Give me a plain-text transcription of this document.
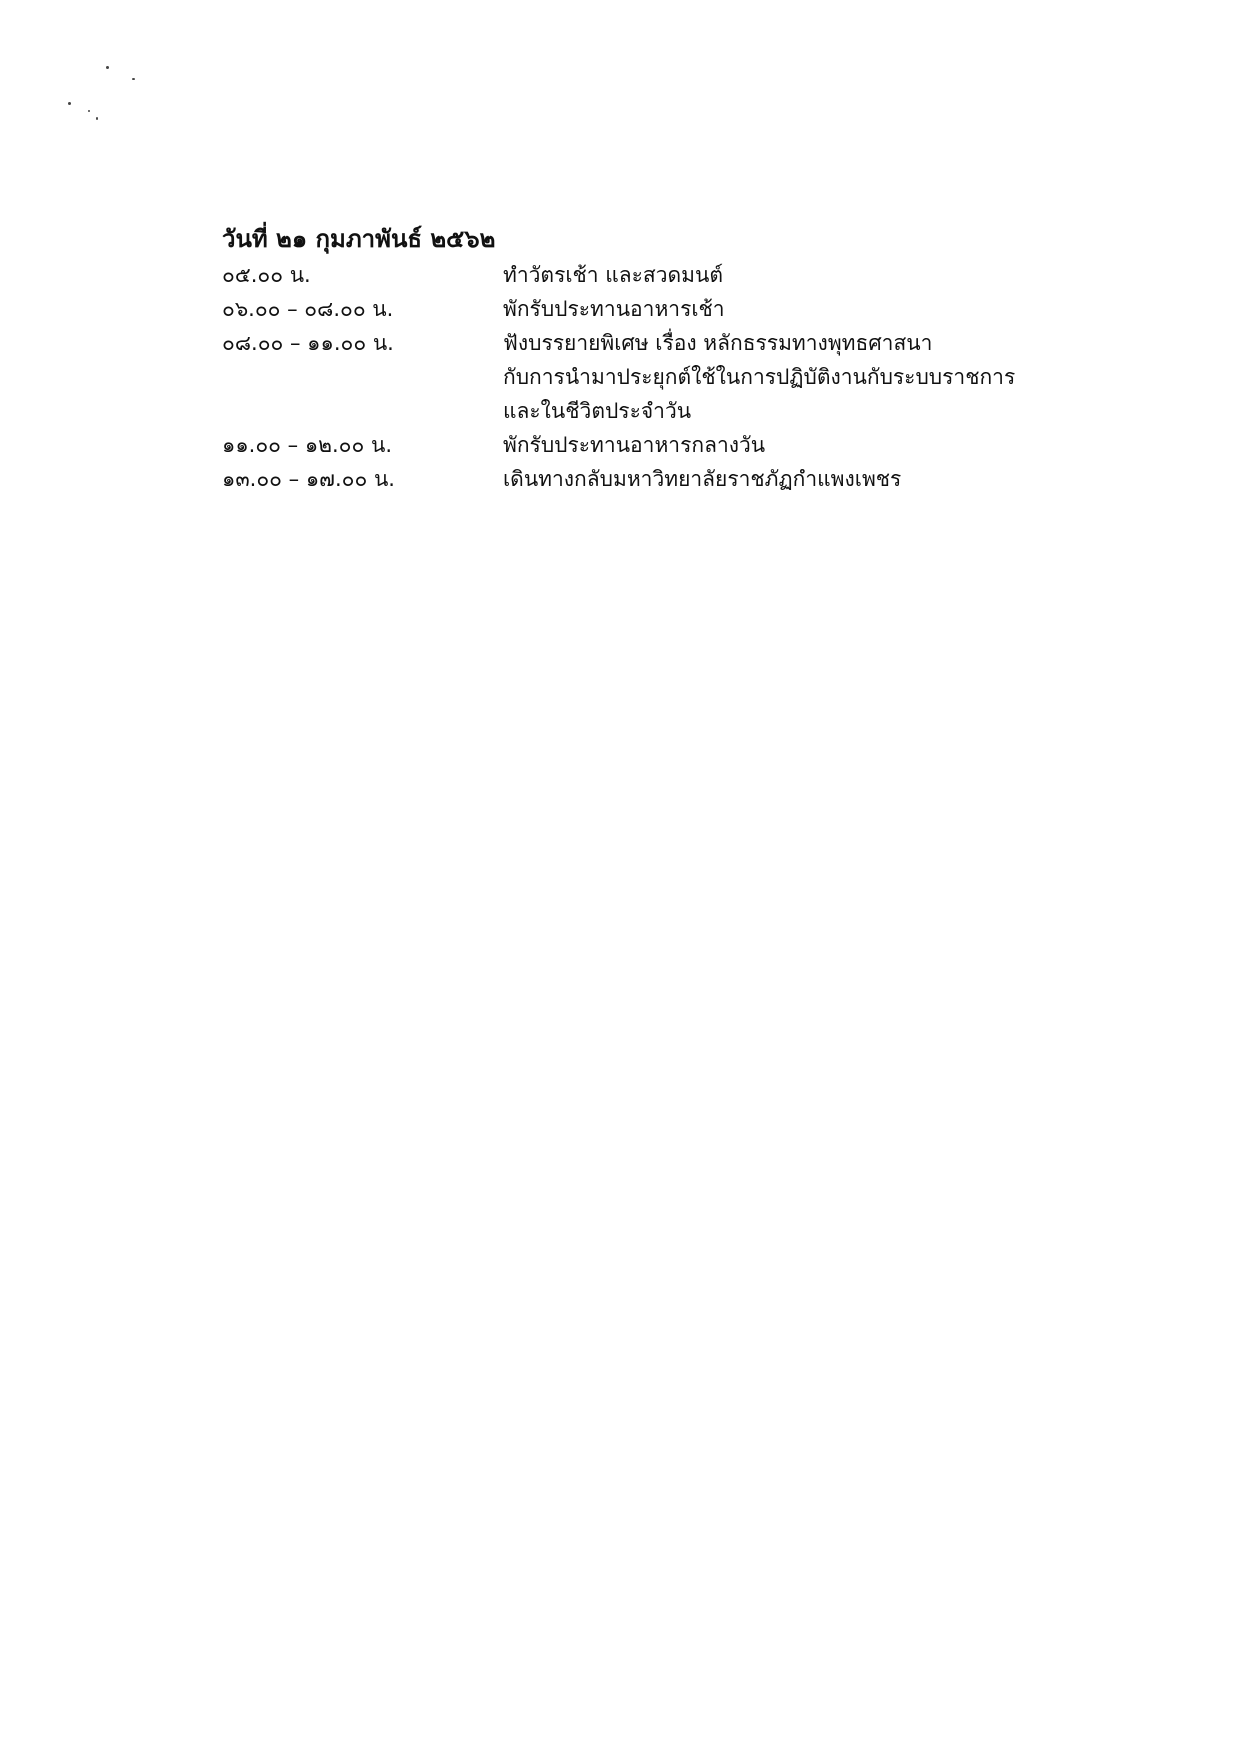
วันที่ ๒๑ กุมภาพันธ์ ๒๕๖๒
๐๕.๐๐ น.	ทำวัตรเช้า และสวดมนต์
๐๖.๐๐ – ๐๘.๐๐ น.	พักรับประทานอาหารเช้า
๐๘.๐๐ – ๑๑.๐๐ น.	ฟังบรรยายพิเศษ เรื่อง หลักธรรมทางพุทธศาสนา
กับการนำมาประยุกต์ใช้ในการปฏิบัติงานกับระบบราชการ
และในชีวิตประจำวัน
๑๑.๐๐ – ๑๒.๐๐ น.	พักรับประทานอาหารกลางวัน
๑๓.๐๐ – ๑๗.๐๐ น.	เดินทางกลับมหาวิทยาลัยราชภัฏกำแพงเพชร
